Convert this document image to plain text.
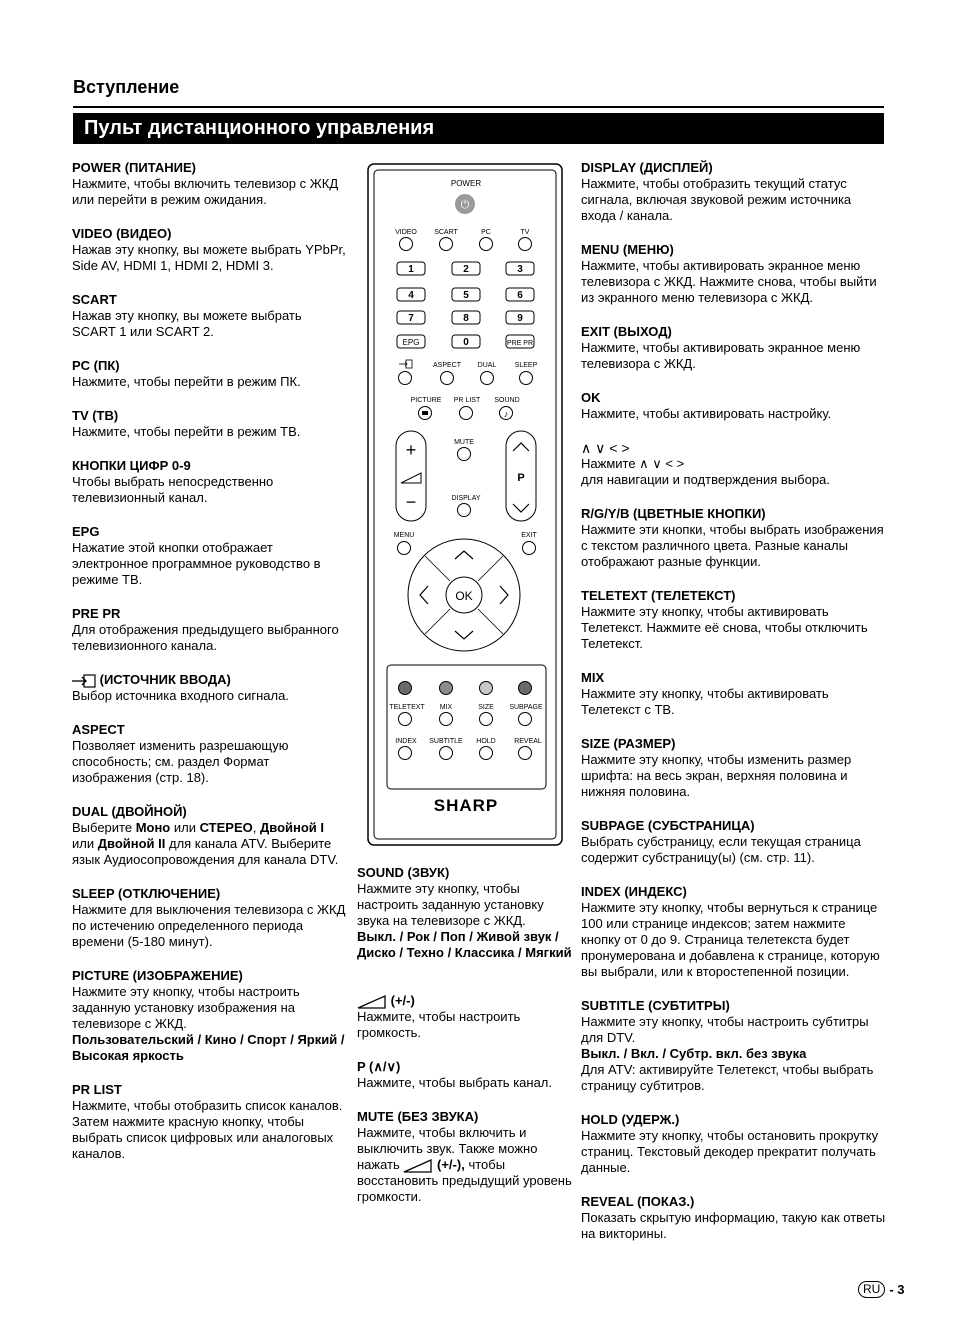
Вступление
Пульт дистанционного управления
POWER (ПИТАНИЕ)

Нажмите, чтобы включить телевизор с ЖКД или перейти в режим ожидания.

VIDEO (ВИДЕО)

Нажав эту кнопку, вы можете выбрать YPbPr, Side AV, HDMI 1, HDMI 2, HDMI 3.

SCART

Нажав эту кнопку, вы можете выбрать SCART 1 или SCART 2.

PC (ПК)

Нажмите, чтобы перейти в режим ПК.

TV (ТВ)

Нажмите, чтобы перейти в режим ТВ.

КНОПКИ ЦИФР 0-9

Чтобы выбрать непосредственно телевизионный канал.

EPG

Нажатие этой кнопки отображает электронное программное руководство в режиме ТВ.

PRE PR

Для отображения предыдущего выбранного телевизионного канала.

(ИСТОЧНИК ВВОДА)

Выбор источника входного сигнала.

ASPECT

Позволяет изменить разрешающую способность; см. раздел Формат изображения (стр. 18).

DUAL (ДВОЙНОЙ)

Выберите Моно или СТЕРЕО, Двойной I или Двойной II для канала ATV. Выберите язык Аудиосопровождения для канала DTV.

SLEEP (ОТКЛЮЧЕНИЕ)

Нажмите для выключения телевизора с ЖКД по истечению определенного периода времени (5-180 минут).

PICTURE (ИЗОБРАЖЕНИЕ)

Нажмите эту кнопку, чтобы настроить заданную установку изображения на телевизоре с ЖКД.

Пользовательский / Кино / Спорт / Яркий / Высокая яркость

PR LIST

Нажмите, чтобы отобразить список каналов. Затем нажмите красную кнопку, чтобы выбрать список цифровых или аналоговых каналов.

SOUND (ЗВУК)

Нажмите эту кнопку, чтобы настроить заданную установку звука на телевизоре с ЖКД.

Выкл. / Рок / Поп / Живой звук / Диско / Техно / Классика / Мягкий

(+/-)

Нажмите, чтобы настроить громкость.

P (∧/∨)

Нажмите, чтобы выбрать канал.

MUTE (БЕЗ ЗВУКА)

Нажмите, чтобы включить и выключить звук. Также можно нажать	(+/-), чтобы восстановить предыдущий уровень громкости.

DISPLAY (ДИСПЛЕЙ)

Нажмите, чтобы отобразить текущий статус сигнала, включая звуковой режим источника входа / канала.

MENU (МЕНЮ)

Нажмите, чтобы активировать экранное меню телевизора с ЖКД. Нажмите снова, чтобы выйти из экранного меню телевизора с ЖКД.

EXIT (ВЫХОД)

Нажмите, чтобы активировать экранное меню телевизора с ЖКД.

OK

Нажмите, чтобы активировать настройку.

∧ ∨ < >

Нажмите ∧ ∨ < >

для навигации и подтверждения выбора.

R/G/Y/B (ЦВЕТНЫЕ КНОПКИ)

Нажмите эти кнопки, чтобы выбрать изображения с текстом различного цвета. Разные каналы отображают разные функции.

TELETEXT (ТЕЛЕТЕКСТ)

Нажмите эту кнопку, чтобы активировать Телетекст. Нажмите её снова, чтобы отключить Телетекст.

MIX

Нажмите эту кнопку, чтобы активировать Телетекст с ТВ.

SIZE (РАЗМЕР)

Нажмите эту кнопку, чтобы изменить размер шрифта: на весь экран, верхняя половина и нижняя половина.

SUBPAGE (СУБСТРАНИЦА)

Выбрать субстраницу, если текущая страница содержит субстраницу(ы) (см. стр. 11).

INDEX (ИНДЕКС)

Нажмите эту кнопку, чтобы вернуться к странице 100 или странице индексов; затем нажмите кнопку от 0 до 9. Страница телетекста будет пронумерована и добавлена к странице, которую вы выбрали, или к второстепенной позиции.

SUBTITLE (СУБТИТРЫ)

Нажмите эту кнопку, чтобы настроить субтитры для DTV.

Выкл. / Вкл. / Субтр. вкл. без звука

Для ATV: активируйте Телетекст, чтобы выбрать страницу субтитров.

HOLD (УДЕРЖ.)

Нажмите эту кнопку, чтобы остановить прокрутку страниц. Текстовый декодер прекратит получать данные.

REVEAL (ПОКАЗ.)

Показать скрытую информацию, такую как ответы на викторины.

POWER
⏻
VIDEO SCART	PC	TV
1	2	3
4	5	6
7	8	9
EPG	0	PRE PR
ASPECT DUAL	SLEEP
PICTURE PR LIST SOUND
♪
+
−
MUTE
DISPLAY
P
MENU	EXIT
OK
TELETEXT MIX	SIZE SUBPAGE
INDEX SUBTITLE HOLD	REVEAL
SHARP
RU - 3
